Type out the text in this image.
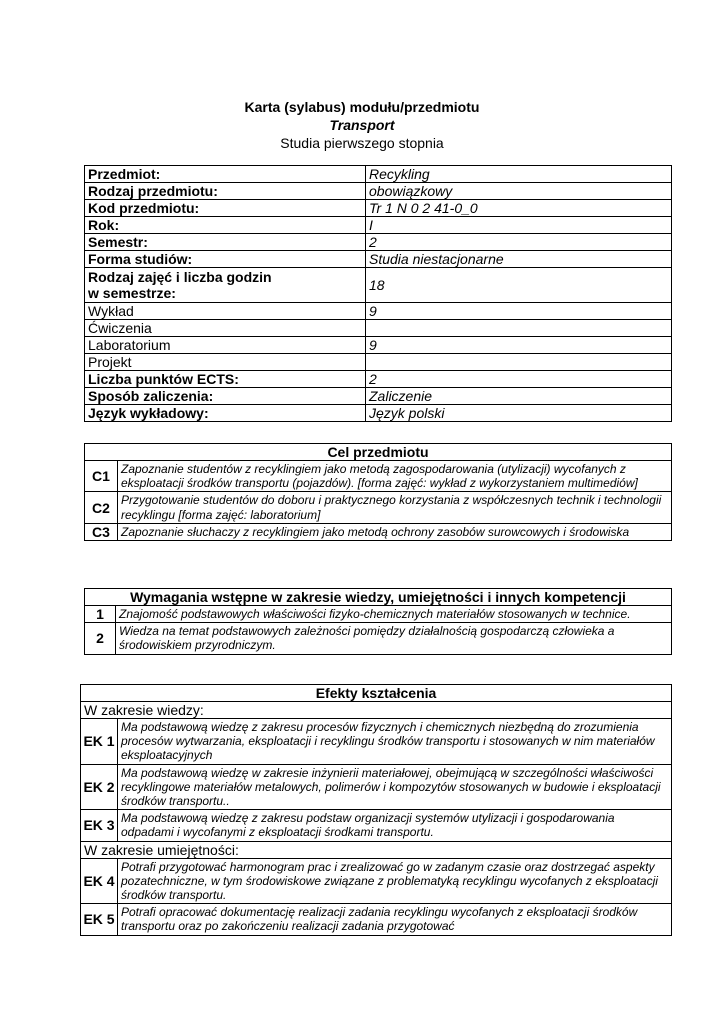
Karta (sylabus) modułu/przedmiotu
Transport
Studia pierwszego stopnia
Przedmiot:	Recykling
Rodzaj przedmiotu:	obowiązkowy
Kod przedmiotu:	Tr 1 N 0 2 41-0_0
Rok:	I
Semestr:	2
Forma studiów:	Studia niestacjonarne
Rodzaj zajęć i liczba godzin
w semestrze:	18
Wykład	9
Ćwiczenia	
Laboratorium	9
Projekt	
Liczba punktów ECTS:	2
Sposób zaliczenia:	Zaliczenie
Język wykładowy:	Język polski
Cel przedmiotu	
C1	Zapoznanie studentów z recyklingiem jako metodą zagospodarowania (utylizacji) wycofanych z eksploatacji środków transportu (pojazdów). [forma zajęć: wykład z wykorzystaniem multimediów]
C2	Przygotowanie studentów do doboru i praktycznego korzystania z współczesnych technik i technologii recyklingu [forma zajęć: laboratorium]
C3	Zapoznanie słuchaczy z recyklingiem jako metodą ochrony zasobów surowcowych i środowiska
Wymagania wstępne w zakresie wiedzy, umiejętności i innych kompetencji	
1	Znajomość podstawowych właściwości fizyko-chemicznych materiałów stosowanych w technice.
2	Wiedza na temat podstawowych zależności pomiędzy działalnością gospodarczą człowieka a środowiskiem przyrodniczym.
Efekty kształcenia	
W zakresie wiedzy:	
EK 1	Ma podstawową wiedzę z zakresu procesów fizycznych i chemicznych niezbędną do zrozumienia procesów wytwarzania, eksploatacji i recyklingu środków transportu i stosowanych w nim materiałów eksploatacyjnych
EK 2	Ma podstawową wiedzę w zakresie inżynierii materiałowej, obejmującą w szczególności właściwości recyklingowe materiałów metalowych, polimerów i kompozytów stosowanych w budowie i eksploatacji środków transportu..
EK 3	Ma podstawową wiedzę z zakresu podstaw organizacji systemów utylizacji i gospodarowania odpadami i wycofanymi z eksploatacji środkami transportu.
W zakresie umiejętności:	
EK 4	Potrafi przygotować harmonogram prac i zrealizować go w zadanym czasie oraz dostrzegać aspekty pozatechniczne, w tym środowiskowe związane z problematyką recyklingu wycofanych z eksploatacji środków transportu.
EK 5	Potrafi opracować dokumentację realizacji zadania recyklingu wycofanych z eksploatacji środków transportu oraz po zakończeniu realizacji zadania przygotować
